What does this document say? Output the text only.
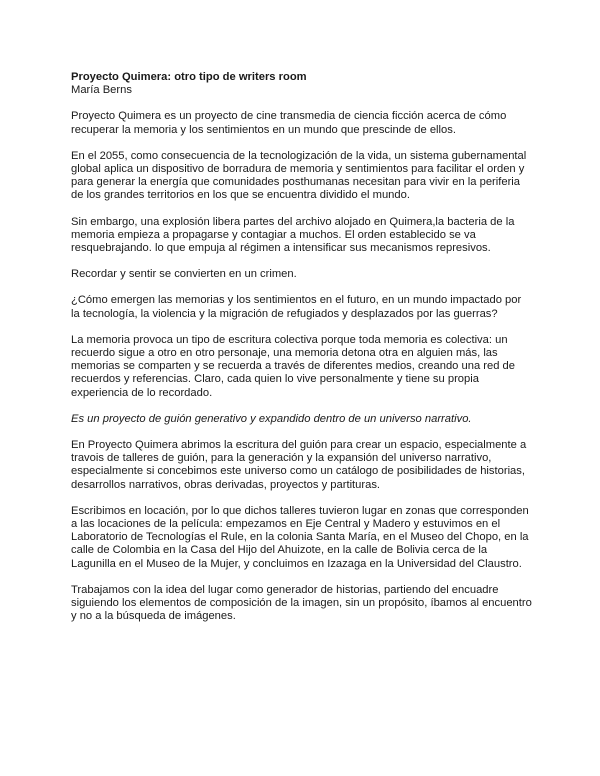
Proyecto Quimera: otro tipo de writers room

María Berns

Proyecto Quimera es un proyecto de cine transmedia de ciencia ficción acerca de cómo recuperar la memoria y los sentimientos en un mundo que prescinde de ellos.

En el 2055, como consecuencia de la tecnologización de la vida, un sistema gubernamental global aplica un dispositivo de borradura de memoria y sentimientos para facilitar el orden y para generar la energía que comunidades posthumanas necesitan para vivir en la periferia de los grandes territorios en los que se encuentra dividido el mundo.

Sin embargo, una explosión libera partes del archivo alojado en Quimera,la bacteria de la memoria empieza a propagarse y contagiar a muchos. El orden establecido se va resquebrajando. lo que empuja al régimen a intensificar sus mecanismos represivos.

Recordar y sentir se convierten en un crimen.

¿Cómo emergen las memorias y los sentimientos en el futuro, en un mundo impactado por la tecnología, la violencia y la migración de refugiados y desplazados por las guerras?

La memoria provoca un tipo de escritura colectiva porque toda memoria es colectiva: un recuerdo sigue a otro en otro personaje, una memoria detona otra en alguien más, las memorias se comparten y se recuerda a través de diferentes medios, creando una red de recuerdos y referencias. Claro, cada quien lo vive personalmente y tiene su propia experiencia de lo recordado.

Es un proyecto de guión generativo y expandido dentro de un universo narrativo.

En Proyecto Quimera abrimos la escritura del guión para crear un espacio, especialmente a travois de talleres de guión, para la generación y la expansión del universo narrativo, especialmente si concebimos este universo como un catálogo de posibilidades de historias, desarrollos narrativos, obras derivadas, proyectos y partituras.

Escribimos en locación, por lo que dichos talleres tuvieron lugar en zonas que corresponden a las locaciones de la película: empezamos en Eje Central y Madero y estuvimos en el Laboratorio de Tecnologías el Rule, en la colonia Santa María, en el Museo del Chopo, en la calle de Colombia en la Casa del Hijo del Ahuizote, en la calle de Bolivia cerca de la Lagunilla en el Museo de la Mujer, y concluimos en Izazaga en la Universidad del Claustro.

Trabajamos con la idea del lugar como generador de historias, partiendo del encuadre siguiendo los elementos de composición de la imagen, sin un propósito, íbamos al encuentro y no a la búsqueda de imágenes.
